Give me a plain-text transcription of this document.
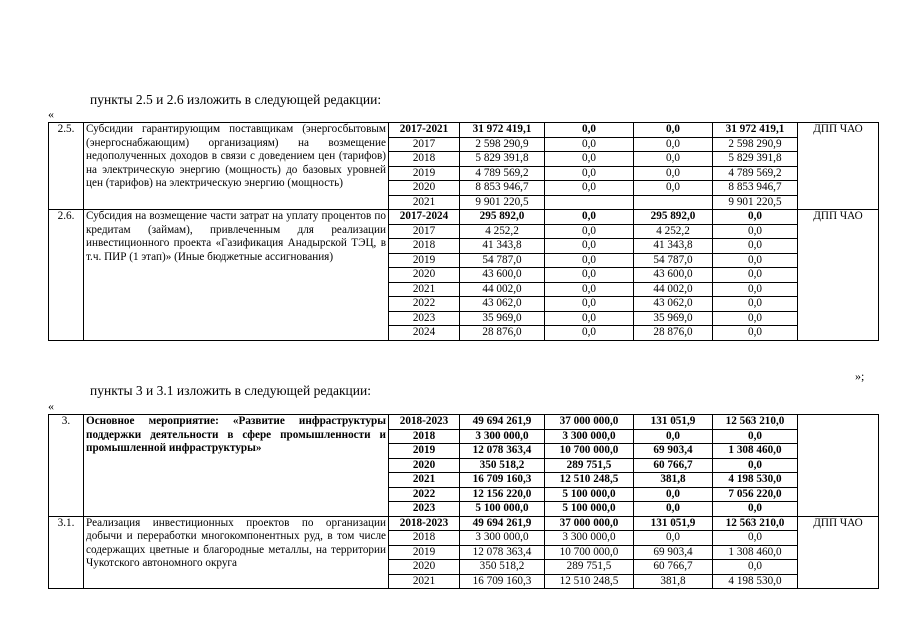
пункты 2.5 и 2.6 изложить в следующей редакции:
«
2.5.	Субсидии гарантирующим поставщикам (энергосбытовым (энергоснабжающим) организациям) на возмещение недополученных доходов в связи с доведением цен (тарифов) на электрическую энергию (мощность) до базовых уровней цен (тарифов) на электрическую энергию (мощность)	2017-2021	31 972 419,1	0,0	0,0	31 972 419,1	ДПП ЧАО
		2017	2 598 290,9	0,0	0,0	2 598 290,9	
		2018	5 829 391,8	0,0	0,0	5 829 391,8	
		2019	4 789 569,2	0,0	0,0	4 789 569,2	
		2020	8 853 946,7	0,0	0,0	8 853 946,7	
		2021	9 901 220,5			9 901 220,5	
2.6.	Субсидия на возмещение части затрат на уплату процентов по кредитам (займам), привлеченным для реализации инвестиционного проекта «Газификация Анадырской ТЭЦ, в т.ч. ПИР (1 этап)» (Иные бюджетные ассигнования)	2017-2024	295 892,0	0,0	295 892,0	0,0	ДПП ЧАО
		2017	4 252,2	0,0	4 252,2	0,0	
		2018	41 343,8	0,0	41 343,8	0,0	
		2019	54 787,0	0,0	54 787,0	0,0	
		2020	43 600,0	0,0	43 600,0	0,0	
		2021	44 002,0	0,0	44 002,0	0,0	
		2022	43 062,0	0,0	43 062,0	0,0	
		2023	35 969,0	0,0	35 969,0	0,0	
		2024	28 876,0	0,0	28 876,0	0,0	
»;
пункты 3 и 3.1 изложить в следующей редакции:
«
3.	Основное мероприятие: «Развитие инфраструктуры поддержки деятельности в сфере промышленности и промышленной инфраструктуры»	2018-2023	49 694 261,9	37 000 000,0	131 051,9	12 563 210,0	
		2018	3 300 000,0	3 300 000,0	0,0	0,0	
		2019	12 078 363,4	10 700 000,0	69 903,4	1 308 460,0	
		2020	350 518,2	289 751,5	60 766,7	0,0	
		2021	16 709 160,3	12 510 248,5	381,8	4 198 530,0	
		2022	12 156 220,0	5 100 000,0	0,0	7 056 220,0	
		2023	5 100 000,0	5 100 000,0	0,0	0,0	
3.1.	Реализация инвестиционных проектов по организации добычи и переработки многокомпонентных руд, в том числе содержащих цветные и благородные металлы, на территории Чукотского автономного округа	2018-2023	49 694 261,9	37 000 000,0	131 051,9	12 563 210,0	ДПП ЧАО
		2018	3 300 000,0	3 300 000,0	0,0	0,0	
		2019	12 078 363,4	10 700 000,0	69 903,4	1 308 460,0	
		2020	350 518,2	289 751,5	60 766,7	0,0	
		2021	16 709 160,3	12 510 248,5	381,8	4 198 530,0	
